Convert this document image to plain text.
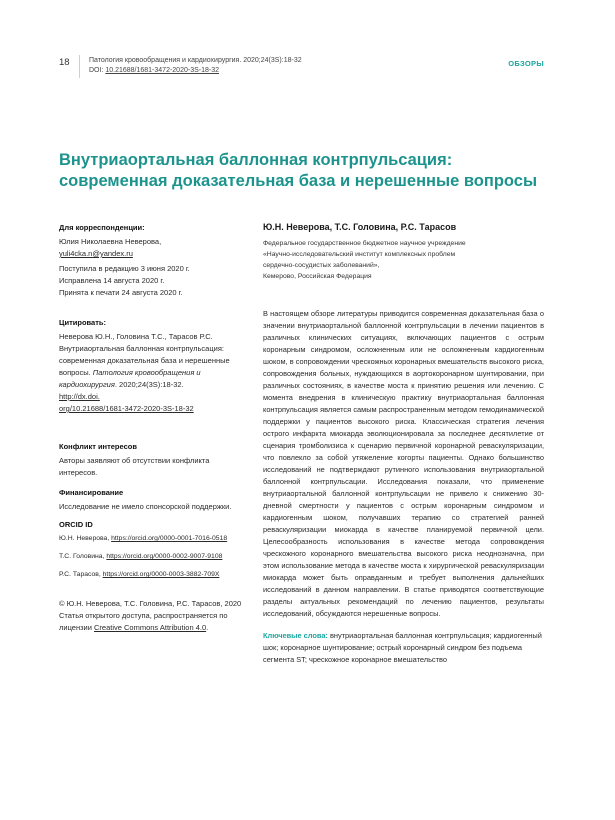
18	Патология кровообращения и кардиохирургия. 2020;24(3S):18-32
DOI: 10.21688/1681-3472-2020-3S-18-32
ОБЗОРЫ
Внутриаортальная баллонная контрпульсация: современная доказательная база и нерешенные вопросы
Для корреспонденции:

Юлия Николаевна Неверова,

yuli4cka.n@yandex.ru

Поступила в редакцию 3 июня 2020 г.

Исправлена 14 августа 2020 г.

Принята к печати 24 августа 2020 г.

Цитировать:

Неверова Ю.Н., Головина Т.С., Тарасов Р.С. Внутриаортальная баллонная контрпульсация: современная доказательная база и нерешенные вопросы. Патология кровообращения и кардиохирургия. 2020;24(3S):18-32.

http://dx.doi.
org/10.21688/1681-3472-2020-3S-18-32

Конфликт интересов

Авторы заявляют об отсутствии конфликта интересов.

Финансирование

Исследование не имело спонсорской поддержки.

ORCID ID
Ю.Н. Неверова, https://orcid.org/0000-0001-7016-0518
Т.С. Головина, https://orcid.org/0000-0002-9007-9108
Р.С. Тарасов, https://orcid.org/0000-0003-3882-709X

© Ю.Н. Неверова, Т.С. Головина, Р.С. Тарасов, 2020

Статья открытого доступа, распространяется по лицензии Creative Commons Attribution 4.0.

Ю.Н. Неверова, Т.С. Головина, Р.С. Тарасов

Федеральное государственное бюджетное научное учреждение
«Научно-исследовательский институт комплексных проблем
сердечно-сосудистых заболеваний»,
Кемерово, Российская Федерация

В настоящем обзоре литературы приводится современная доказательная база о значении внутриаортальной баллонной контрпульсации в лечении пациентов в различных клинических ситуациях, включающих пациентов с острым коронарным синдромом, осложненным или не осложненным кардиогенным шоком, в сопровождении чрескожных коронарных вмешательств высокого риска, сопровождения больных, нуждающихся в аортокоронарном шунтировании, при различных состояниях, в качестве моста к принятию решения или лечению. С момента внедрения в клиническую практику внутриаортальная баллонная контрпульсация является самым распространенным методом гемодинамической поддержки у пациентов высокого риска. Классическая стратегия лечения острого инфаркта миокарда эволюционировала за последнее десятилетие от сценария тромболизиса к сценарию первичной коронарной реваскуляризации, что повлекло за собой утяжеление когорты пациенты. Однако большинство исследований не подтверждают рутинного использования внутриаортальной баллонной контрпульсации. Исследования показали, что применение внутриаортальной баллонной контрпульсации не привело к снижению 30-дневной смертности у пациентов с острым коронарным синдромом и кардиогенным шоком, получавших терапию со стратегией ранней реваскуляризации миокарда в качестве планируемой первичной цели. Целесообразность использования в качестве метода сопровождения чрескожного коронарного вмешательства высокого риска неоднозначна, при этом использование метода в качестве моста к хирургической реваскуляризации миокарда может быть оправданным и требует выполнения дальнейших исследований в данном направлении. В статье приводятся соответствующие разделы актуальных рекомендаций по лечению пациентов, результаты исследований, обсуждаются нерешенные вопросы.

Ключевые слова: внутриаортальная баллонная контрпульсация; кардиогенный шок; коронарное шунтирование; острый коронарный синдром без подъема сегмента ST; чрескожное коронарное вмешательство
